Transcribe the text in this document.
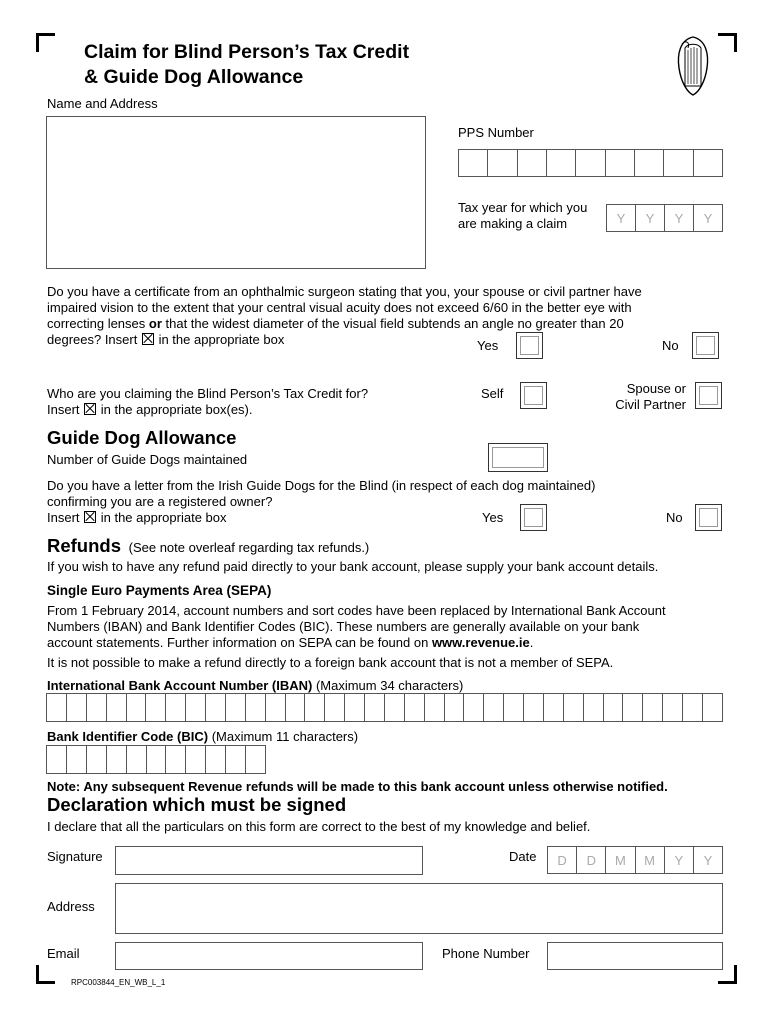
Claim for Blind Person’s Tax Credit
& Guide Dog Allowance
Name and Address
PPS Number
Tax year for which you
are making a claim	Y	Y	Y	Y
Do you have a certificate from an ophthalmic surgeon stating that you, your spouse or civil partner have
impaired vision to the extent that your central visual acuity does not exceed 6/60 in the better eye with
correcting lenses or that the widest diameter of the visual field subtends an angle no greater than 20
degrees? Insert  in the appropriate box	Yes	No
Who are you claiming the Blind Person’s Tax Credit for?
Insert  in the appropriate box(es).
Self	Spouse or
Civil Partner
Guide Dog Allowance
Number of Guide Dogs maintained
Do you have a letter from the Irish Guide Dogs for the Blind (in respect of each dog maintained)
confirming you are a registered owner?
Insert  in the appropriate box	Yes	No
Refunds (See note overleaf regarding tax refunds.)
If you wish to have any refund paid directly to your bank account, please supply your bank account details.
Single Euro Payments Area (SEPA)
From 1 February 2014, account numbers and sort codes have been replaced by International Bank Account
Numbers (IBAN) and Bank Identifier Codes (BIC). These numbers are generally available on your bank
account statements. Further information on SEPA can be found on www.revenue.ie.
It is not possible to make a refund directly to a foreign bank account that is not a member of SEPA.
International Bank Account Number (IBAN) (Maximum 34 characters)
Bank Identifier Code (BIC) (Maximum 11 characters)
Note: Any subsequent Revenue refunds will be made to this bank account unless otherwise notified.
Declaration which must be signed
I declare that all the particulars on this form are correct to the best of my knowledge and belief.
Signature	Date	D	D	M	M	Y	Y
Address
Email	Phone Number
RPC003844_EN_WB_L_1
